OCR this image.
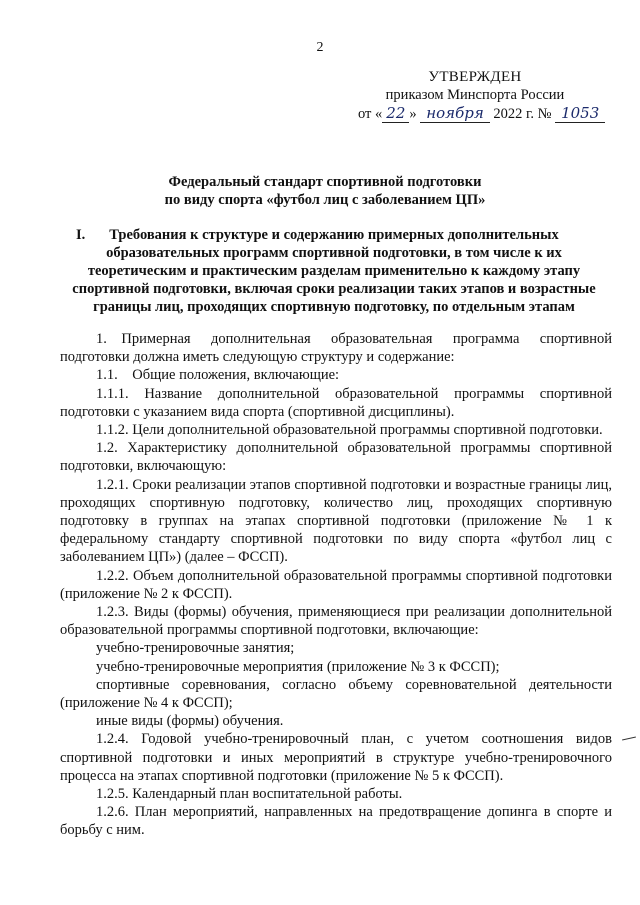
2
УТВЕРЖДЕН
приказом Минспорта России
от « 22 » ноября 2022 г. № 1053
Федеральный стандарт спортивной подготовки
по виду спорта «футбол лиц с заболеванием ЦП»
I.	Требования к структуре и содержанию примерных дополнительных
образовательных программ спортивной подготовки, в том числе к их
теоретическим и практическим разделам применительно к каждому этапу
спортивной подготовки, включая сроки реализации таких этапов и возрастные
границы лиц, проходящих спортивную подготовку, по отдельным этапам

1. Примерная дополнительная образовательная программа спортивной подготовки должна иметь следующую структуру и содержание:

1.1. Общие положения, включающие:

1.1.1. Название дополнительной образовательной программы спортивной подготовки с указанием вида спорта (спортивной дисциплины).

1.1.2. Цели дополнительной образовательной программы спортивной подготовки.

1.2. Характеристику дополнительной образовательной программы спортивной подготовки, включающую:

1.2.1. Сроки реализации этапов спортивной подготовки и возрастные границы лиц, проходящих спортивную подготовку, количество лиц, проходящих спортивную подготовку в группах на этапах спортивной подготовки (приложение № 1 к федеральному стандарту спортивной подготовки по виду спорта «футбол лиц с заболеванием ЦП») (далее – ФССП).

1.2.2. Объем дополнительной образовательной программы спортивной подготовки (приложение № 2 к ФССП).

1.2.3. Виды (формы) обучения, применяющиеся при реализации дополнительной образовательной программы спортивной подготовки, включающие:

учебно-тренировочные занятия;

учебно-тренировочные мероприятия (приложение № 3 к ФССП);

спортивные соревнования, согласно объему соревновательной деятельности (приложение № 4 к ФССП);

иные виды (формы) обучения.

1.2.4. Годовой учебно-тренировочный план, с учетом соотношения видов спортивной подготовки и иных мероприятий в структуре учебно-тренировочного процесса на этапах спортивной подготовки (приложение № 5 к ФССП).

1.2.5. Календарный план воспитательной работы.

1.2.6. План мероприятий, направленных на предотвращение допинга в спорте и борьбу с ним.
